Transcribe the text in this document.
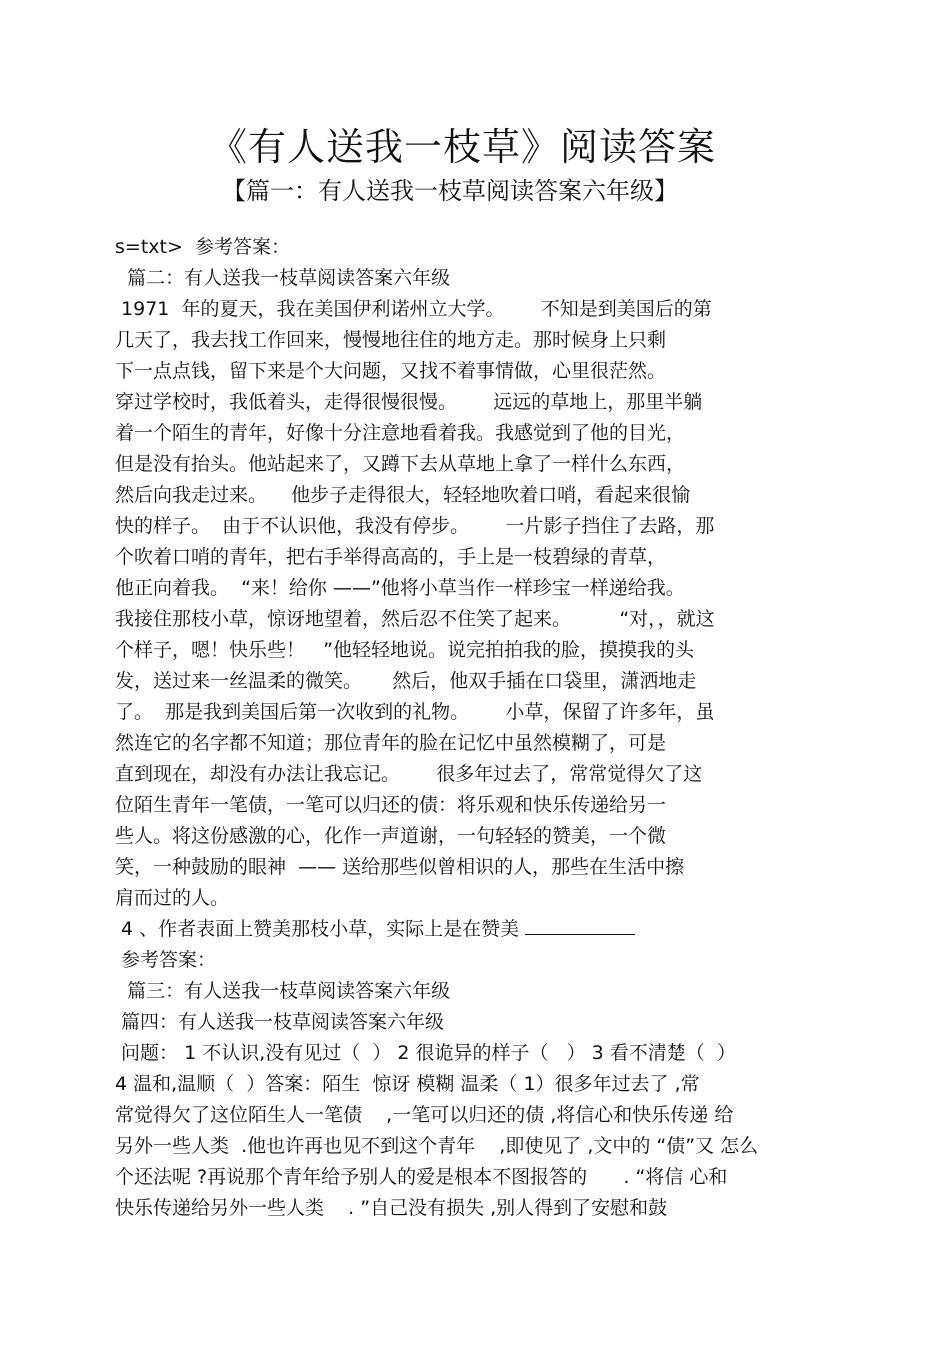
《有人送我一枝草》阅读答案
【篇一：有人送我一枝草阅读答案六年级】
s=txt>  参考答案：
篇二：有人送我一枝草阅读答案六年级
1971  年的夏天，我在美国伊利诺州立大学。      不知是到美国后的第
几天了，我去找工作回来，慢慢地往住的地方走。那时候身上只剩
下一点点钱，留下来是个大问题，又找不着事情做，心里很茫然。
穿过学校时，我低着头，走得很慢很慢。      远远的草地上，那里半躺
着一个陌生的青年，好像十分注意地看着我。我感觉到了他的目光，
但是没有抬头。他站起来了，又蹲下去从草地上拿了一样什么东西，
然后向我走过来。    他步子走得很大，轻轻地吹着口哨，看起来很愉
快的样子。  由于不认识他，我没有停步。      一片影子挡住了去路，那
个吹着口哨的青年，把右手举得高高的，手上是一枝碧绿的青草，
他正向着我。  “来！给你 ——”他将小草当作一样珍宝一样递给我。
我接住那枝小草，惊讶地望着，然后忍不住笑了起来。        “对，，就这
个样子，嗯！快乐些！   ”他轻轻地说。说完拍拍我的脸，摸摸我的头
发，送过来一丝温柔的微笑。     然后，他双手插在口袋里，潇洒地走
了。  那是我到美国后第一次收到的礼物。      小草，保留了许多年，虽
然连它的名字都不知道；那位青年的脸在记忆中虽然模糊了，可是
直到现在，却没有办法让我忘记。      很多年过去了，常常觉得欠了这
位陌生青年一笔债，一笔可以归还的债：将乐观和快乐传递给另一
些人。将这份感激的心，化作一声道谢，一句轻轻的赞美，一个微
笑，一种鼓励的眼神  —— 送给那些似曾相识的人，那些在生活中擦
肩而过的人。
4 、作者表面上赞美那枝小草，实际上是在赞美
参考答案：
篇三：有人送我一枝草阅读答案六年级
篇四：有人送我一枝草阅读答案六年级
问题： 1 不认识,没有见过（  ） 2 很诡异的样子（   ） 3 看不清楚（  ）
4 温和,温顺（  ）答案：陌生  惊讶 模糊 温柔（ 1）很多年过去了 ,常
常觉得欠了这位陌生人一笔债    ,一笔可以归还的债 ,将信心和快乐传递 给
另外一些人类  .他也许再也见不到这个青年    ,即使见了 ,文中的 “债”又 怎么
个还法呢 ?再说那个青年给予别人的爱是根本不图报答的      . “将信 心和
快乐传递给另外一些人类    . ”自己没有损失 ,别人得到了安慰和鼓
